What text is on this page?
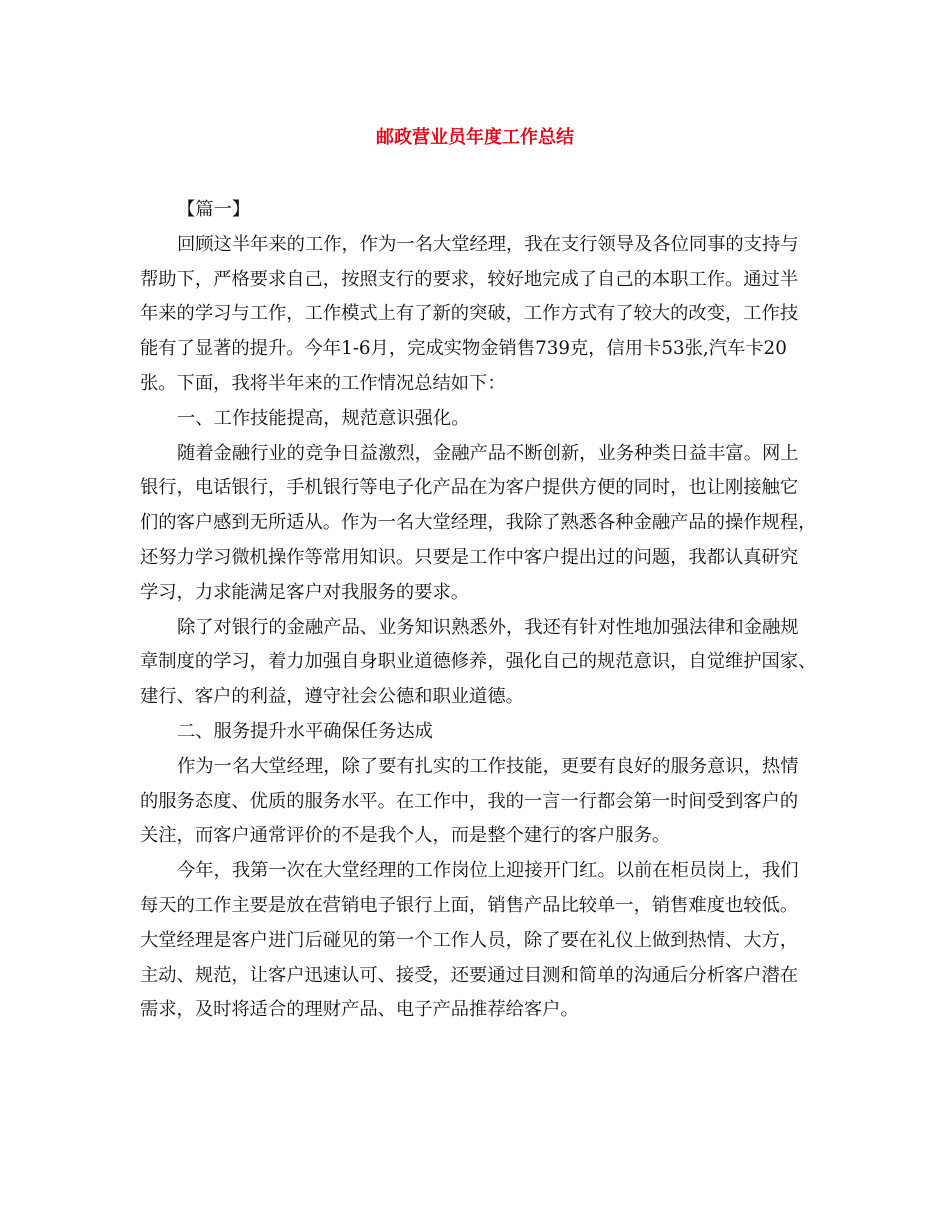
邮政营业员年度工作总结
【篇一】
回顾这半年来的工作，作为一名大堂经理，我在支行领导及各位同事的支持与
帮助下，严格要求自己，按照支行的要求，较好地完成了自己的本职工作。通过半
年来的学习与工作，工作模式上有了新的突破，工作方式有了较大的改变，工作技
能有了显著的提升。今年1-6月，完成实物金销售739克，信用卡53张,汽车卡20
张。下面，我将半年来的工作情况总结如下：
一、工作技能提高，规范意识强化。
随着金融行业的竞争日益激烈，金融产品不断创新，业务种类日益丰富。网上
银行，电话银行，手机银行等电子化产品在为客户提供方便的同时，也让刚接触它
们的客户感到无所适从。作为一名大堂经理，我除了熟悉各种金融产品的操作规程，
还努力学习微机操作等常用知识。只要是工作中客户提出过的问题，我都认真研究
学习，力求能满足客户对我服务的要求。
除了对银行的金融产品、业务知识熟悉外，我还有针对性地加强法律和金融规
章制度的学习，着力加强自身职业道德修养，强化自己的规范意识，自觉维护国家、
建行、客户的利益，遵守社会公德和职业道德。
二、服务提升水平确保任务达成
作为一名大堂经理，除了要有扎实的工作技能，更要有良好的服务意识，热情
的服务态度、优质的服务水平。在工作中，我的一言一行都会第一时间受到客户的
关注，而客户通常评价的不是我个人，而是整个建行的客户服务。
今年，我第一次在大堂经理的工作岗位上迎接开门红。以前在柜员岗上，我们
每天的工作主要是放在营销电子银行上面，销售产品比较单一，销售难度也较低。
大堂经理是客户进门后碰见的第一个工作人员，除了要在礼仪上做到热情、大方，
主动、规范，让客户迅速认可、接受，还要通过目测和简单的沟通后分析客户潜在
需求，及时将适合的理财产品、电子产品推荐给客户。
